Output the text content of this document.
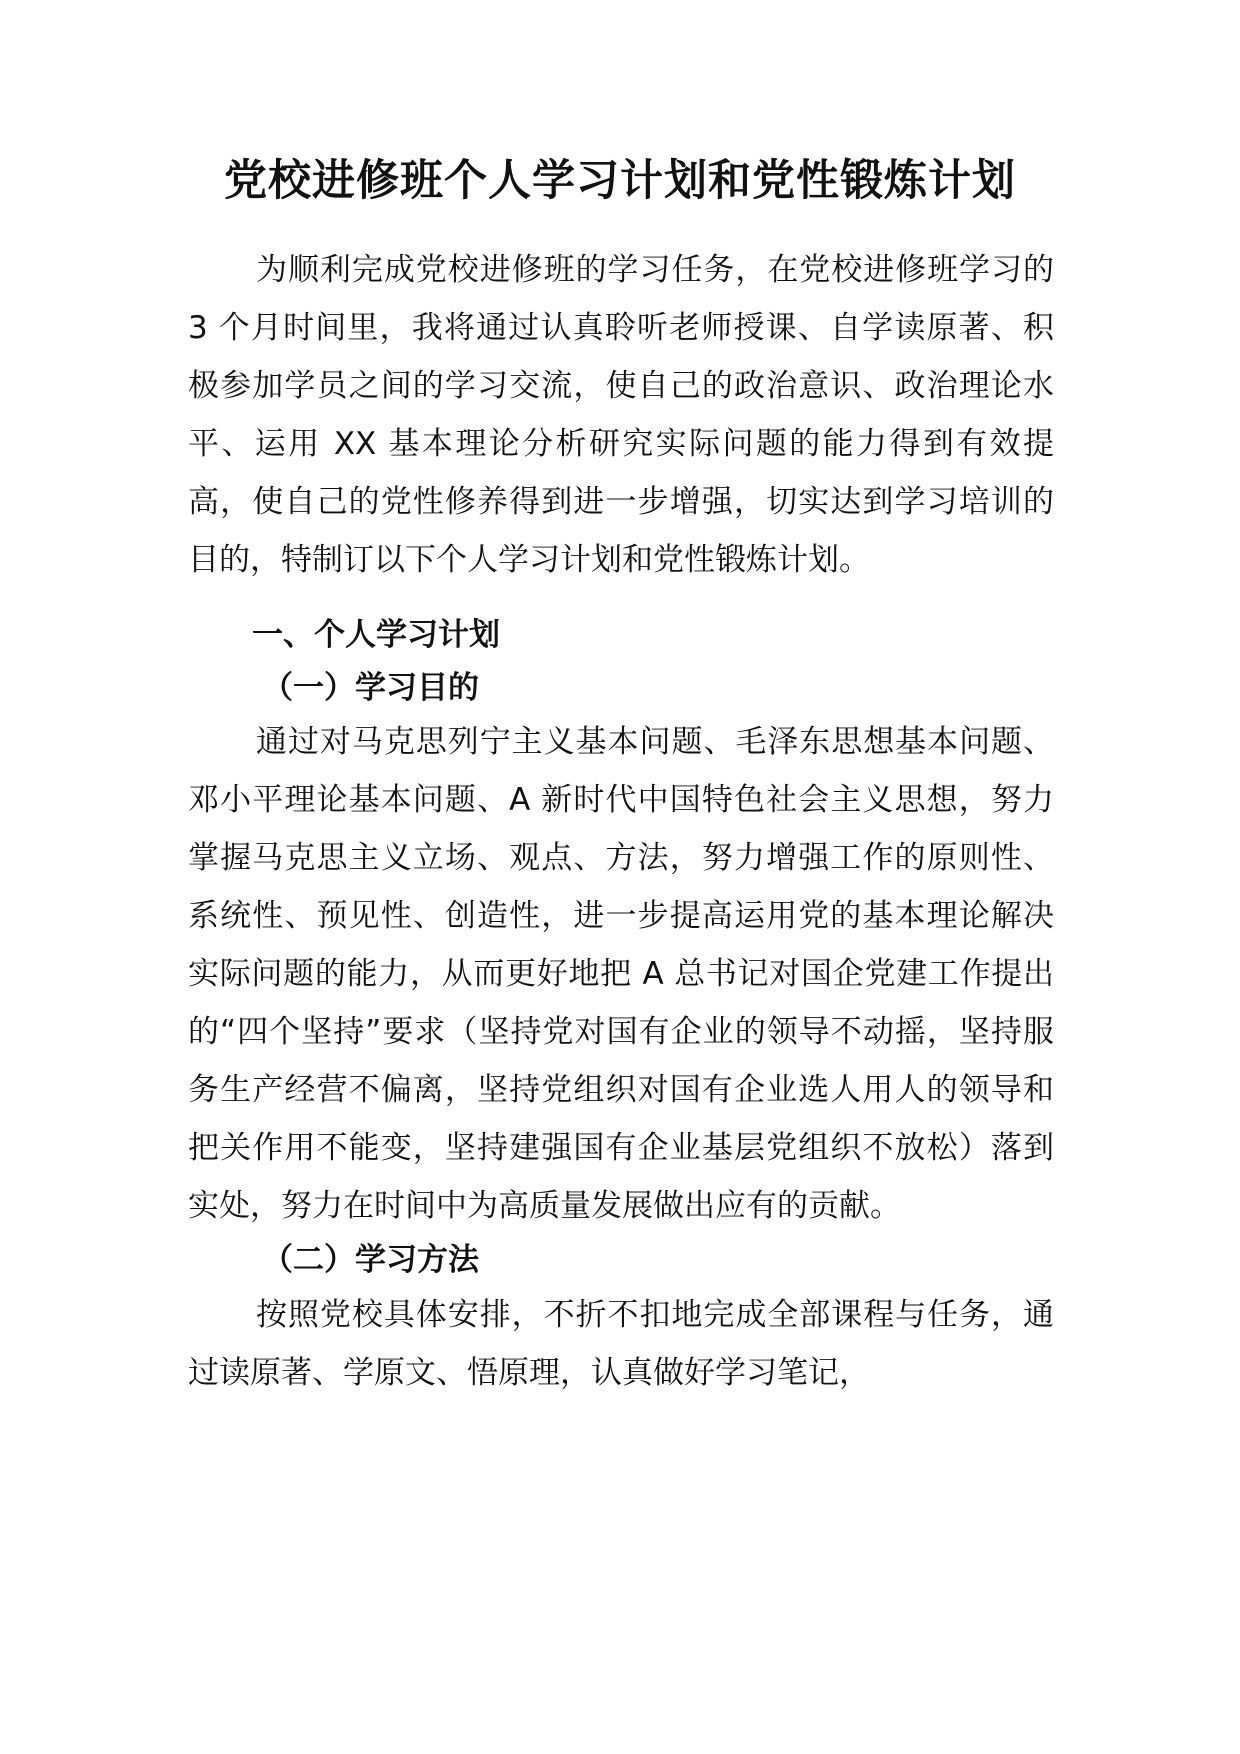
党校进修班个人学习计划和党性锻炼计划

为顺利完成党校进修班的学习任务，在党校进修班学习的 3 个月时间里，我将通过认真聆听老师授课、自学读原著、积极参加学员之间的学习交流，使自己的政治意识、政治理论水平、运用 XX 基本理论分析研究实际问题的能力得到有效提高，使自己的党性修养得到进一步增强，切实达到学习培训的目的，特制订以下个人学习计划和党性锻炼计划。

一、个人学习计划
（一）学习目的

通过对马克思列宁主义基本问题、毛泽东思想基本问题、邓小平理论基本问题、A 新时代中国特色社会主义思想，努力掌握马克思主义立场、观点、方法，努力增强工作的原则性、系统性、预见性、创造性，进一步提高运用党的基本理论解决实际问题的能力，从而更好地把 A 总书记对国企党建工作提出的“四个坚持”要求（坚持党对国有企业的领导不动摇，坚持服务生产经营不偏离，坚持党组织对国有企业选人用人的领导和把关作用不能变，坚持建强国有企业基层党组织不放松）落到实处，努力在时间中为高质量发展做出应有的贡献。

（二）学习方法

按照党校具体安排，不折不扣地完成全部课程与任务，通过读原著、学原文、悟原理，认真做好学习笔记，
